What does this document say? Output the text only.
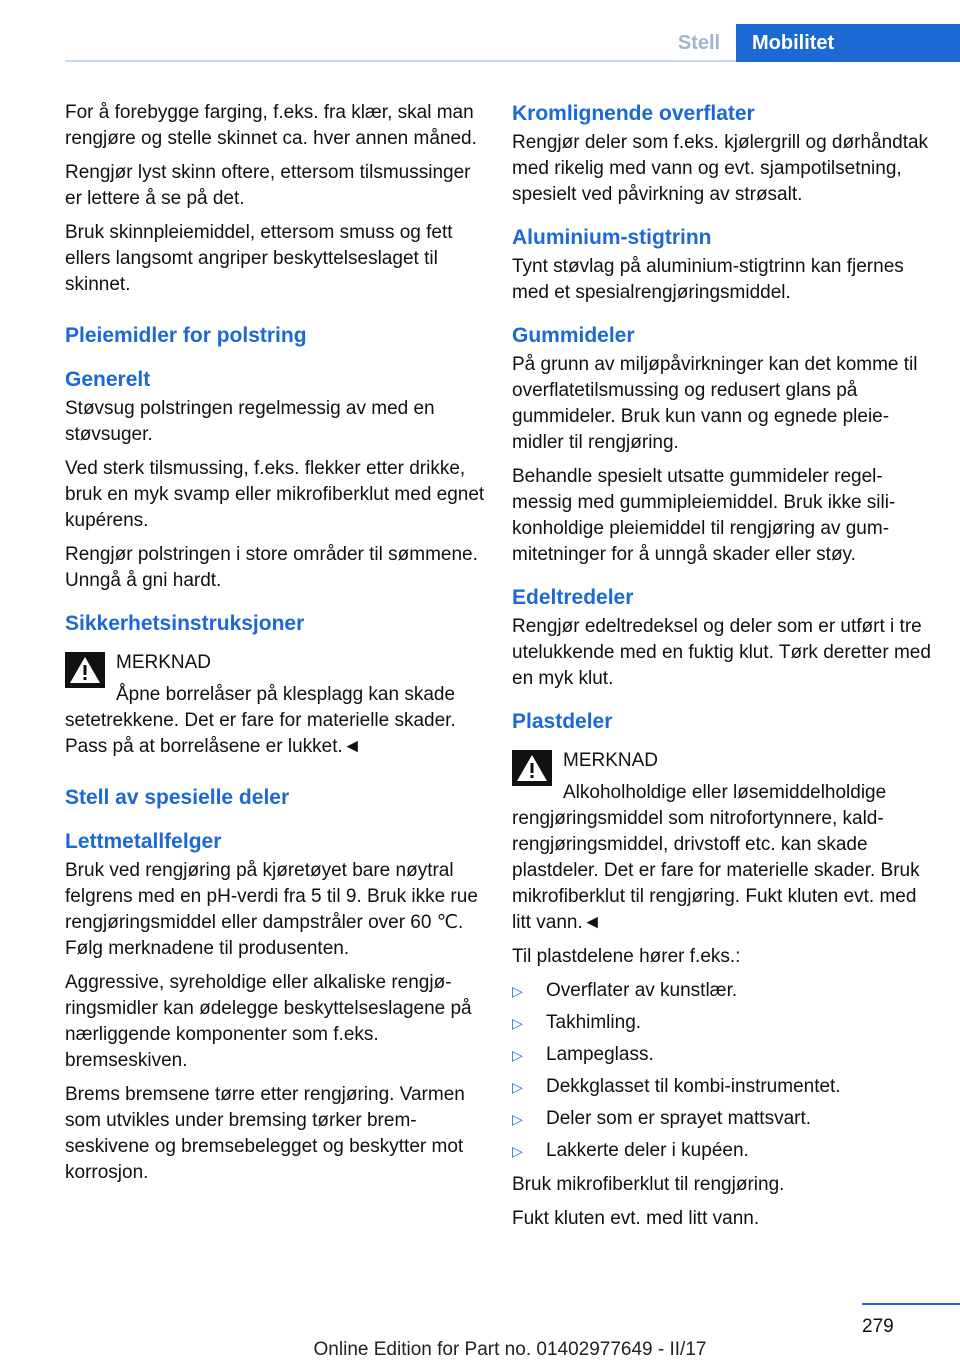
Stell	Mobilitet

For å forebygge farging, f.eks. fra klær, skal man rengjøre og stelle skinnet ca. hver annen måned.

Rengjør lyst skinn oftere, ettersom tilsmussinger er lettere å se på det.

Bruk skinnpleiemiddel, ettersom smuss og fett ellers langsomt angriper beskyttelseslaget til skinnet.

Pleiemidler for polstring
Generelt

Støvsug polstringen regelmessig av med en støvsuger.

Ved sterk tilsmussing, f.eks. flekker etter drikke, bruk en myk svamp eller mikrofiberklut med egnet kupérens.

Rengjør polstringen i store områder til sømmene. Unngå å gni hardt.

Sikkerhetsinstruksjoner

MERKNAD

Åpne borrelåser på klesplagg kan skade setetrekkene. Det er fare for materielle skader. Pass på at borrelåsene er lukket.◄

Stell av spesielle deler
Lettmetallfelger

Bruk ved rengjøring på kjøretøyet bare nøytral felgrens med en pH-verdi fra 5 til 9. Bruk ikke rue rengjøringsmiddel eller dampstråler over 60 ℃. Følg merknadene til produsenten.

Aggressive, syreholdige eller alkaliske rengjøringsmidler kan ødelegge beskyttelseslagene på nærliggende komponenter som f.eks. bremseskiven.

Brems bremsene tørre etter rengjøring. Varmen som utvikles under bremsing tørker bremseskivene og bremsebelegget og beskytter mot korrosjon.

Kromlignende overflater

Rengjør deler som f.eks. kjølergrill og dørhåndtak med rikelig med vann og evt. sjampotilsetning, spesielt ved påvirkning av strøsalt.

Aluminium-stigtrinn

Tynt støvlag på aluminium-stigtrinn kan fjernes med et spesialrengjøringsmiddel.

Gummideler

På grunn av miljøpåvirkninger kan det komme til overflatetilsmussing og redusert glans på gummideler. Bruk kun vann og egnede pleiemidler til rengjøring.

Behandle spesielt utsatte gummideler regelmessig med gummipleiemiddel. Bruk ikke silikonholdige pleiemiddel til rengjøring av gummitetninger for å unngå skader eller støy.

Edeltredeler

Rengjør edeltredeksel og deler som er utført i tre utelukkende med en fuktig klut. Tørk deretter med en myk klut.

Plastdeler

MERKNAD

Alkoholholdige eller løsemiddelholdige rengjøringsmiddel som nitrofortynnere, kaldrengjøringsmiddel, drivstoff etc. kan skade plastdeler. Det er fare for materielle skader. Bruk mikrofiberklut til rengjøring. Fukt kluten evt. med litt vann.◄

Til plastdelene hører f.eks.:

▷ Overflater av kunstlær.
▷ Takhimling.
▷ Lampeglass.
▷ Dekkglasset til kombi-instrumentet.
▷ Deler som er sprayet mattsvart.
▷ Lakkerte deler i kupéen.

Bruk mikrofiberklut til rengjøring.

Fukt kluten evt. med litt vann.

279
Online Edition for Part no. 01402977649 - II/17
